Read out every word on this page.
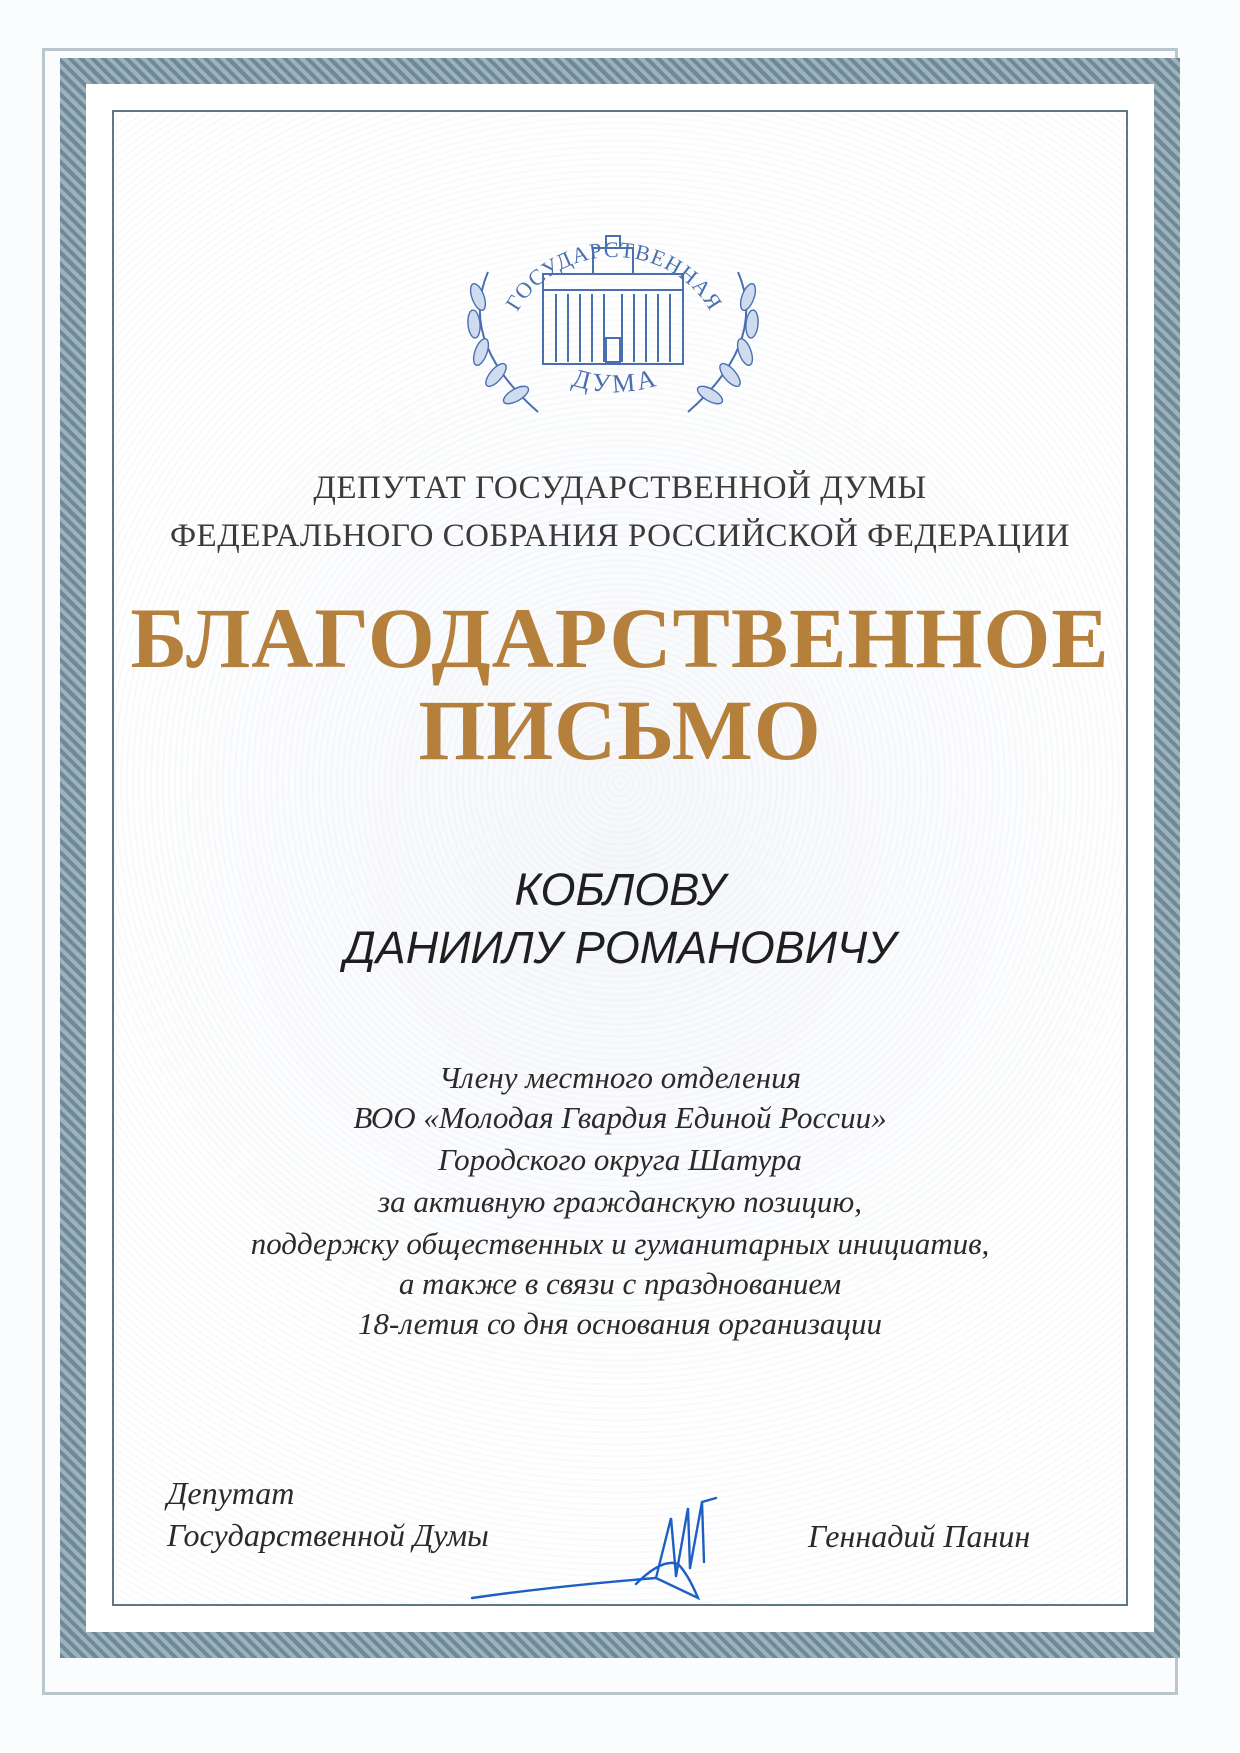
ГОСУДАРСТВЕННАЯ
ДУМА
ДЕПУТАТ ГОСУДАРСТВЕННОЙ ДУМЫ
ФЕДЕРАЛЬНОГО СОБРАНИЯ РОССИЙСКОЙ ФЕДЕРАЦИИ
БЛАГОДАРСТВЕННОЕ
ПИСЬМО
КОБЛОВУ
ДАНИИЛУ РОМАНОВИЧУ
Члену местного отделения
ВОО «Молодая Гвардия Единой России»
Городского округа Шатура
за активную гражданскую позицию,
поддержку общественных и гуманитарных инициатив,
а также в связи с празднованием
18-летия со дня основания организации
Депутат
Государственной Думы	Геннадий Панин
